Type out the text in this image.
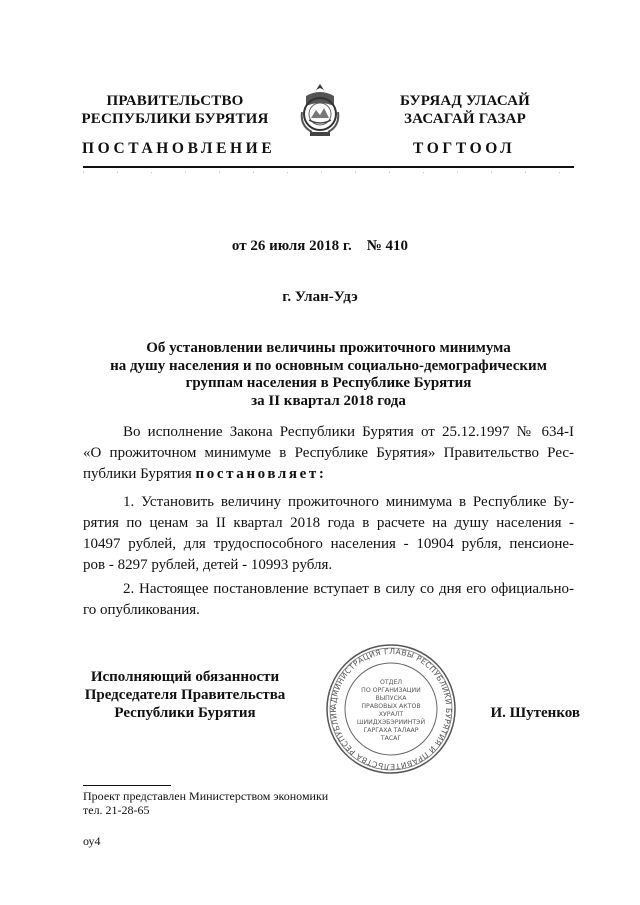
ПРАВИТЕЛЬСТВО
РЕСПУБЛИКИ БУРЯТИЯ
ПОСТАНОВЛЕНИЕ
БУРЯАД УЛАСАЙ
ЗАСАГАЙ ГАЗАР
ТОГТООЛ
от 26 июля 2018 г.    № 410
г. Улан-Удэ
Об установлении величины прожиточного минимума
на душу населения и по основным социально-демографическим
группам населения в Республике Бурятия
за II квартал 2018 года
Во исполнение Закона Республики Бурятия от 25.12.1997 № 634-I
«О прожиточном минимуме в Республике Бурятия» Правительство Рес-
публики Бурятия постановляет:
1. Установить величину прожиточного минимума в Республике Бу-
рятия по ценам за II квартал 2018 года в расчете на душу населения -
10497 рублей, для трудоспособного населения - 10904 рубля, пенсионе-
ров - 8297 рублей, детей - 10993 рубля.
2. Настоящее постановление вступает в силу со дня его официально-
го опубликования.
Исполняющий обязанности
Председателя Правительства
Республики Бурятия	АДМИНИСТРАЦИЯ ГЛАВЫ РЕСПУБЛИКИ БУРЯТИЯ И ПРАВИТЕЛЬСТВА РЕСПУБЛИК
ОТДЕЛ
ПО ОРГАНИЗАЦИИ
ВЫПУСКА
ПРАВОВЫХ АКТОВ
ХУРАЛТ
ШИИДХЭБЭРИИНТЭЙ
ГАРГАХА ТАЛААР
ТАСАГ
И. Шутенков
Проект представлен Министерством экономики
тел. 21-28-65
оу4
